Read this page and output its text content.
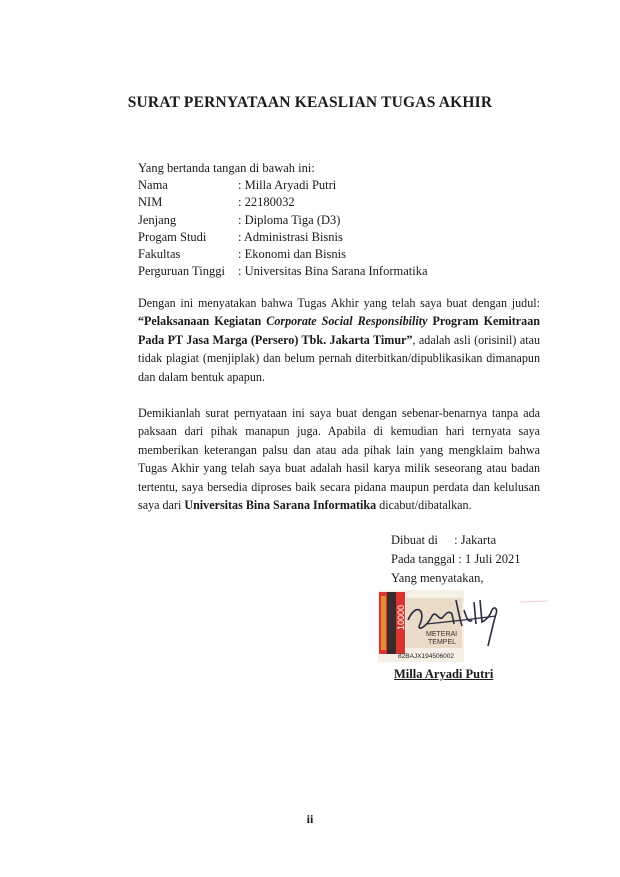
SURAT PERNYATAAN KEASLIAN TUGAS AKHIR
Yang bertanda tangan di bawah ini:
Nama	: Milla Aryadi Putri
NIM	: 22180032
Jenjang	: Diploma Tiga (D3)
Progam Studi	: Administrasi Bisnis
Fakultas	: Ekonomi dan Bisnis
Perguruan Tinggi	: Universitas Bina Sarana Informatika
Dengan ini menyatakan bahwa Tugas Akhir yang telah saya buat dengan judul: “Pelaksanaan Kegiatan Corporate Social Responsibility Program Kemitraan Pada PT Jasa Marga (Persero) Tbk. Jakarta Timur”, adalah asli (orisinil) atau tidak plagiat (menjiplak) dan belum pernah diterbitkan/dipublikasikan dimanapun dan dalam bentuk apapun.
Demikianlah surat pernyataan ini saya buat dengan sebenar-benarnya tanpa ada paksaan dari pihak manapun juga. Apabila di kemudian hari ternyata saya memberikan keterangan palsu dan atau ada pihak lain yang mengklaim bahwa Tugas Akhir yang telah saya buat adalah hasil karya milik seseorang atau badan tertentu, saya bersedia diproses baik secara pidana maupun perdata dan kelulusan saya dari Universitas Bina Sarana Informatika dicabut/dibatalkan.
Dibuat di : Jakarta
Pada tanggal : 1 Juli 2021
Yang menyatakan,
10000
METERAI
TEMPEL
82BAJX194506002
Milla Aryadi Putri
ii
